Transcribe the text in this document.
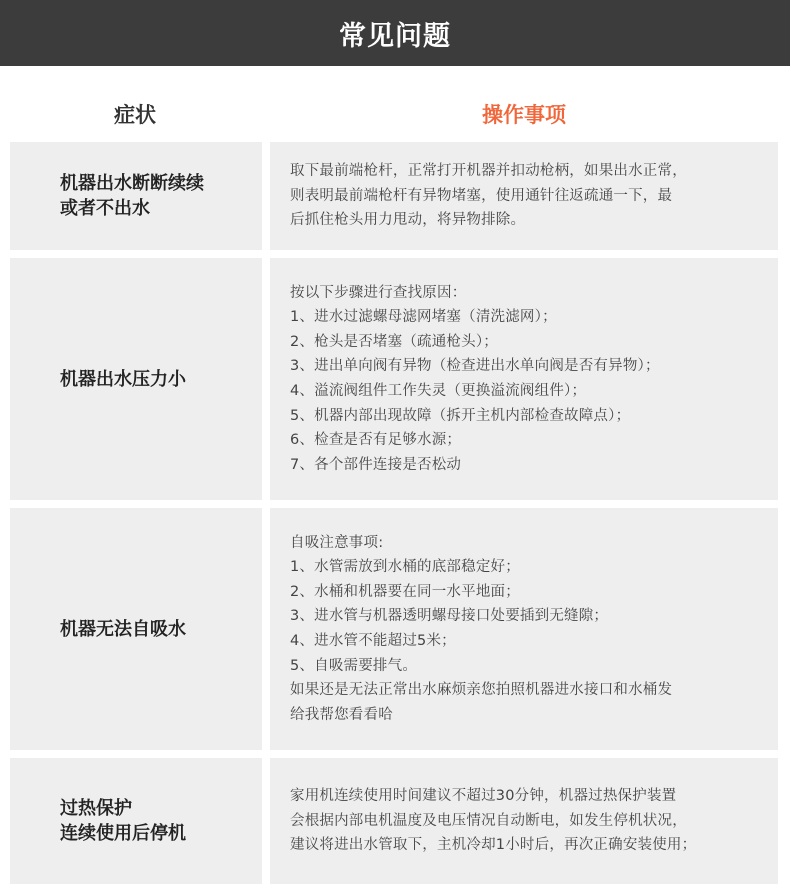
常见问题
症状	操作事项
机器出水断断续续
或者不出水
取下最前端枪杆，正常打开机器并扣动枪柄，如果出水正常，
则表明最前端枪杆有异物堵塞，使用通针往返疏通一下，最
后抓住枪头用力甩动，将异物排除。
机器出水压力小
按以下步骤进行查找原因：
1、进水过滤螺母滤网堵塞（清洗滤网）；
2、枪头是否堵塞（疏通枪头）；
3、进出单向阀有异物（检查进出水单向阀是否有异物）；
4、溢流阀组件工作失灵（更换溢流阀组件）；
5、机器内部出现故障（拆开主机内部检查故障点）；
6、检查是否有足够水源；
7、各个部件连接是否松动
机器无法自吸水
自吸注意事项:
1、水管需放到水桶的底部稳定好；
2、水桶和机器要在同一水平地面；
3、进水管与机器透明螺母接口处要插到无缝隙；
4、进水管不能超过5米；
5、自吸需要排气。
如果还是无法正常出水麻烦亲您拍照机器进水接口和水桶发
给我帮您看看哈
过热保护
连续使用后停机
家用机连续使用时间建议不超过30分钟，机器过热保护装置
会根据内部电机温度及电压情况自动断电，如发生停机状况，
建议将进出水管取下，主机冷却1小时后，再次正确安装使用；
